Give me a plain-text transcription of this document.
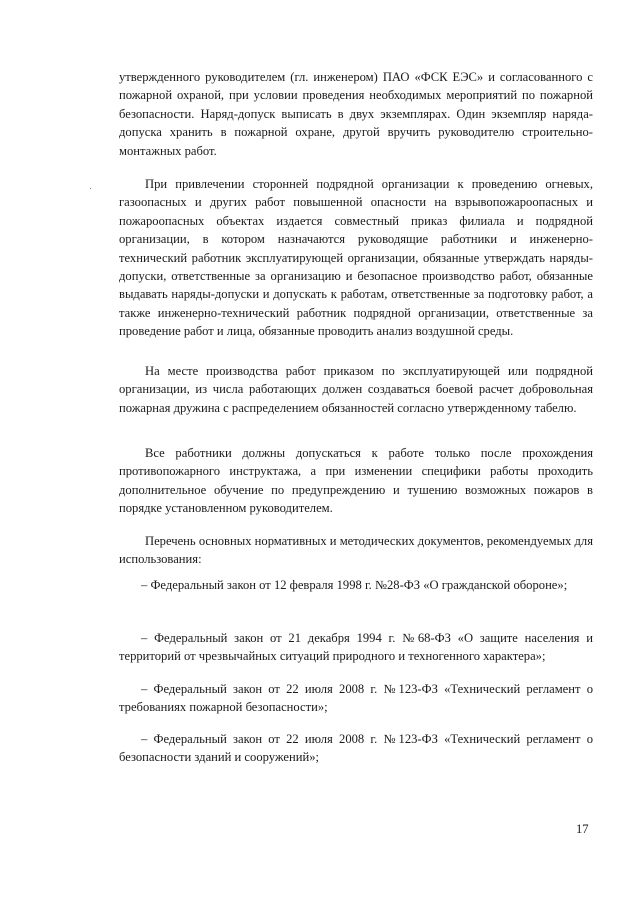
утвержденного руководителем (гл. инженером) ПАО «ФСК ЕЭС» и согласованного с пожарной охраной, при условии проведения необходимых мероприятий по пожарной безопасности. Наряд-допуск выписать в двух экземплярах. Один экземпляр наряда-допуска хранить в пожарной охране, другой вручить руководителю строительно-монтажных работ.

При привлечении сторонней подрядной организации к проведению огневых, газоопасных и других работ повышенной опасности на взрывопожароопасных и пожароопасных объектах издается совместный приказ филиала и подрядной организации, в котором назначаются руководящие работники и инженерно-технический работник эксплуатирующей организации, обязанные утверждать наряды-допуски, ответственные за организацию и безопасное производство работ, обязанные выдавать наряды-допуски и допускать к работам, ответственные за подготовку работ, а также инженерно-технический работник подрядной организации, ответственные за проведение работ и лица, обязанные проводить анализ воздушной среды.

На месте производства работ приказом по эксплуатирующей или подрядной организации, из числа работающих должен создаваться боевой расчет добровольная пожарная дружина с распределением обязанностей согласно утвержденному табелю.

Все работники должны допускаться к работе только после прохождения противопожарного инструктажа, а при изменении специфики работы проходить дополнительное обучение по предупреждению и тушению возможных пожаров в порядке установленном руководителем.

Перечень основных нормативных и методических документов, рекомендуемых для использования:

– Федеральный закон от 12 февраля 1998 г. №28-ФЗ «О гражданской обороне»;

– Федеральный закон от 21 декабря 1994 г. №68-ФЗ «О защите населения и территорий от чрезвычайных ситуаций природного и техногенного характера»;

– Федеральный закон от 22 июля 2008 г. №123-ФЗ «Технический регламент о требованиях пожарной безопасности»;

– Федеральный закон от 22 июля 2008 г. №123-ФЗ «Технический регламент о безопасности зданий и сооружений»;

17
